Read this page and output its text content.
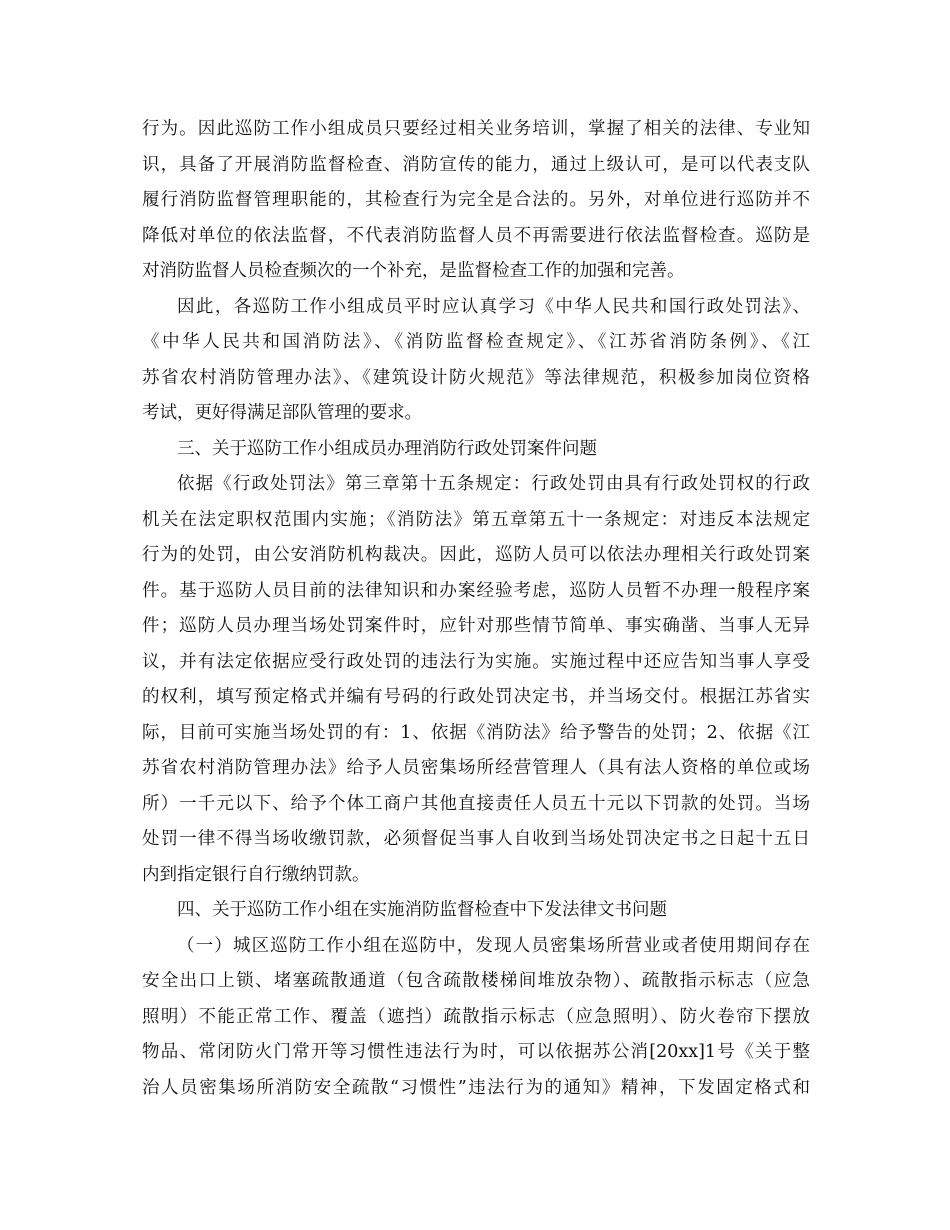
行为。因此巡防工作小组成员只要经过相关业务培训，掌握了相关的法律、专业知
识，具备了开展消防监督检查、消防宣传的能力，通过上级认可，是可以代表支队
履行消防监督管理职能的，其检查行为完全是合法的。另外，对单位进行巡防并不
降低对单位的依法监督，不代表消防监督人员不再需要进行依法监督检查。巡防是
对消防监督人员检查频次的一个补充，是监督检查工作的加强和完善。
因此，各巡防工作小组成员平时应认真学习《中华人民共和国行政处罚法》、
《中华人民共和国消防法》、《消防监督检查规定》、《江苏省消防条例》、《江
苏省农村消防管理办法》、《建筑设计防火规范》等法律规范，积极参加岗位资格
考试，更好得满足部队管理的要求。
三、关于巡防工作小组成员办理消防行政处罚案件问题
依据《行政处罚法》第三章第十五条规定：行政处罚由具有行政处罚权的行政
机关在法定职权范围内实施；《消防法》第五章第五十一条规定：对违反本法规定
行为的处罚，由公安消防机构裁决。因此，巡防人员可以依法办理相关行政处罚案
件。基于巡防人员目前的法律知识和办案经验考虑，巡防人员暂不办理一般程序案
件；巡防人员办理当场处罚案件时，应针对那些情节简单、事实确凿、当事人无异
议，并有法定依据应受行政处罚的违法行为实施。实施过程中还应告知当事人享受
的权利，填写预定格式并编有号码的行政处罚决定书，并当场交付。根据江苏省实
际，目前可实施当场处罚的有：1、依据《消防法》给予警告的处罚；2、依据《江
苏省农村消防管理办法》给予人员密集场所经营管理人（具有法人资格的单位或场
所）一千元以下、给予个体工商户其他直接责任人员五十元以下罚款的处罚。当场
处罚一律不得当场收缴罚款，必须督促当事人自收到当场处罚决定书之日起十五日
内到指定银行自行缴纳罚款。
四、关于巡防工作小组在实施消防监督检查中下发法律文书问题
（一）城区巡防工作小组在巡防中，发现人员密集场所营业或者使用期间存在
安全出口上锁、堵塞疏散通道（包含疏散楼梯间堆放杂物）、疏散指示标志（应急
照明）不能正常工作、覆盖（遮挡）疏散指示标志（应急照明）、防火卷帘下摆放
物品、常闭防火门常开等习惯性违法行为时，可以依据苏公消[20xx]1号《关于整
治人员密集场所消防安全疏散“习惯性”违法行为的通知》精神，下发固定格式和
